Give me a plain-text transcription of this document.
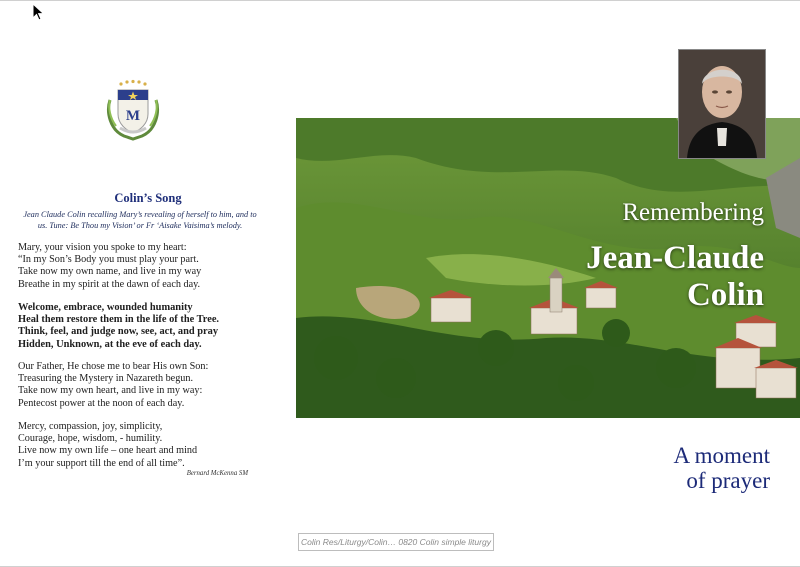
M
Colin’s Song
Jean Claude Colin recalling Mary’s revealing of herself to him, and to
us. Tune: Be Thou my Vision’ or Fr ‘Aisake Vaisima’s melody.
Mary, your vision you spoke to my heart:
“In my Son’s Body you must play your part.
Take now my own name, and live in my way
Breathe in my spirit at the dawn of each day.
Welcome, embrace, wounded humanity
Heal them restore them in the life of the Tree.
Think, feel, and judge now, see, act, and pray
Hidden, Unknown, at the eve of each day.
Our Father, He chose me to bear His own Son:
Treasuring the Mystery in Nazareth begun.
Take now my own heart, and live in my way:
Pentecost power at the noon of each day.
Mercy, compassion, joy, simplicity,
Courage, hope, wisdom, - humility.
Live now my own life – one heart and mind
I’m your support till the end of all time”.
Bernard McKenna SM
Remembering
Jean-Claude
Colin
A moment
of prayer
Colin Res/Liturgy/Colin… 0820 Colin simple liturgy
